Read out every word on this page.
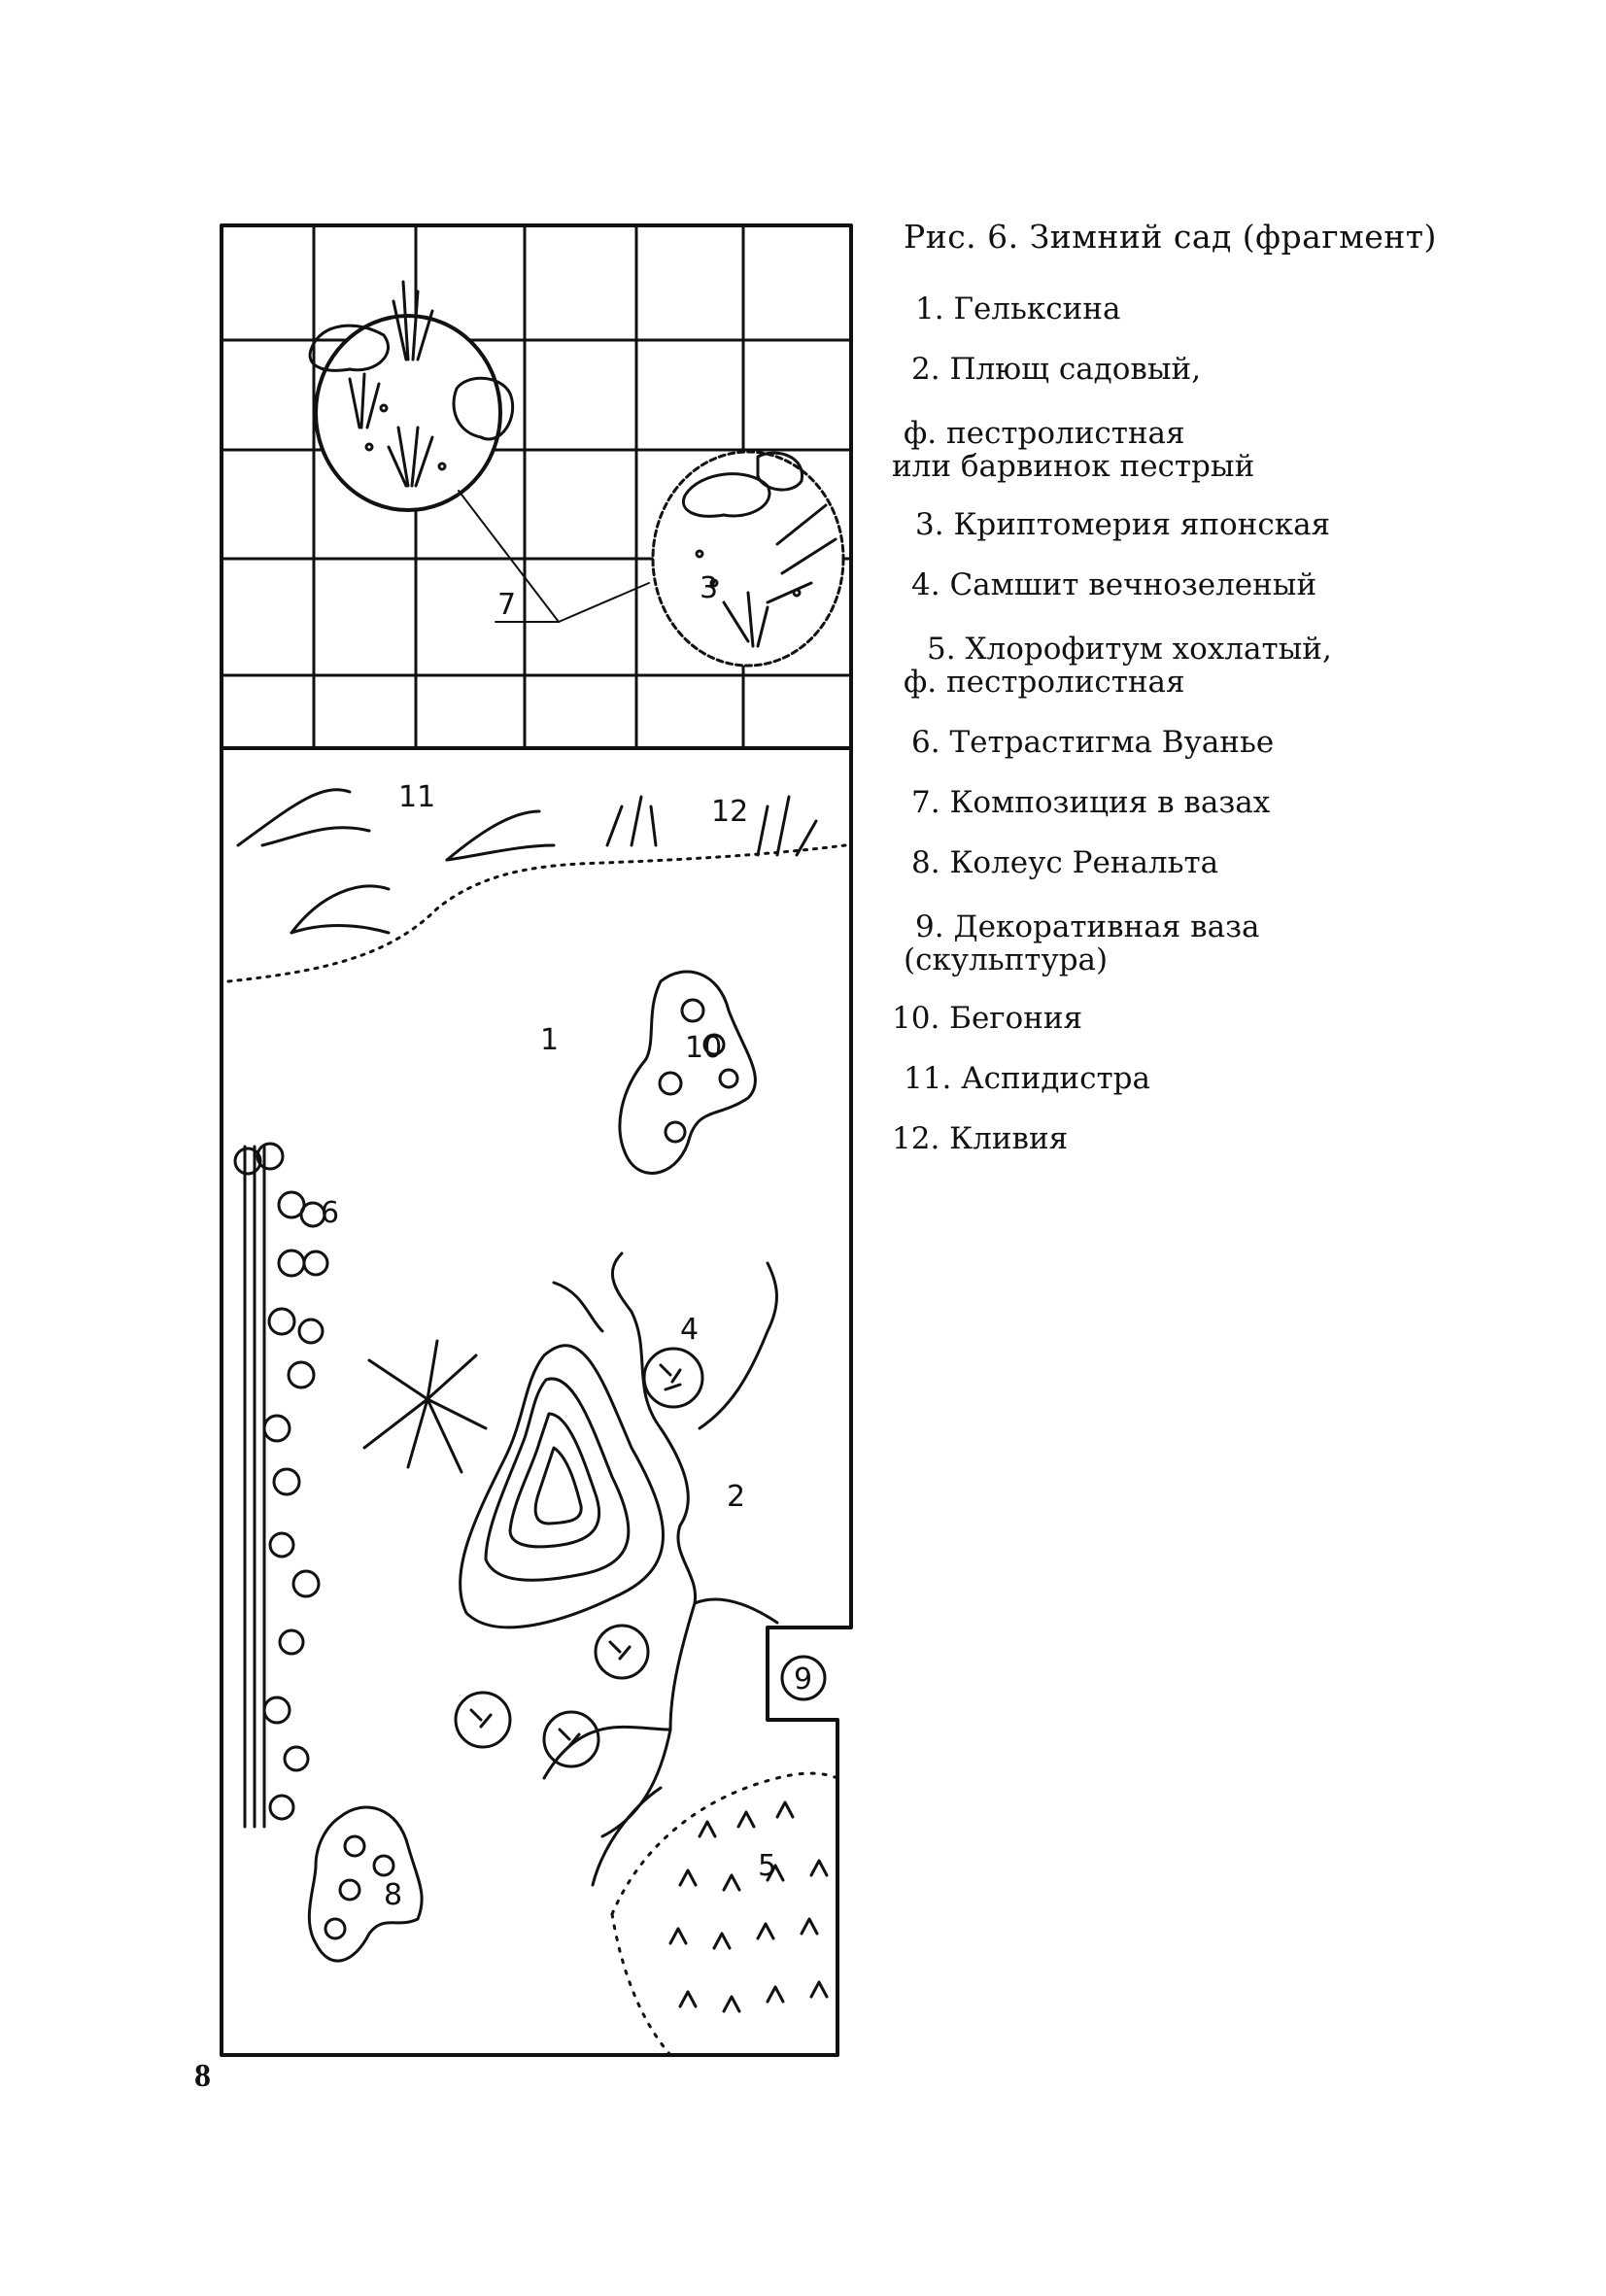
1
2
3
4
5
6
7
8
9
10
11	12
Рис. 6. Зимний сад (фрагмент)
1. Гельксина
2. Плющ садовый,
ф. пестролистная
или барвинок пестрый
3. Криптомерия японская
4. Самшит вечнозеленый
5. Хлорофитум хохлатый,
ф. пестролистная
6. Тетрастигма Вуанье
7. Композиция в вазах
8. Колеус Ренальта
9. Декоративная ваза
(скульптура)
10. Бегония
11. Аспидистра
12. Кливия
8
